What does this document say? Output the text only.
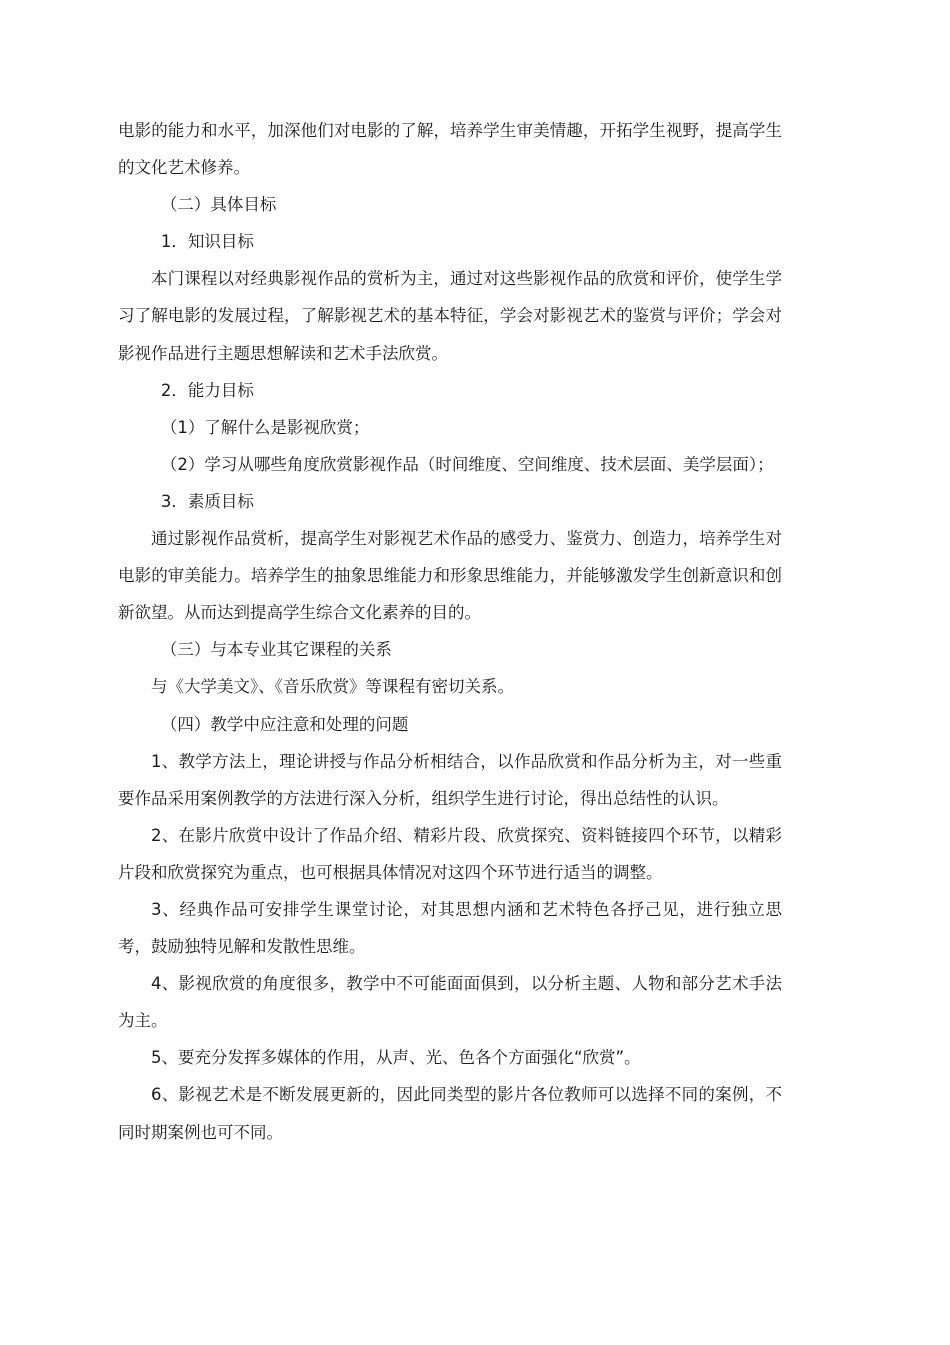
电影的能力和水平，加深他们对电影的了解，培养学生审美情趣，开拓学生视野，提高学生的文化艺术修养。

（二）具体目标

1．知识目标

本门课程以对经典影视作品的赏析为主，通过对这些影视作品的欣赏和评价，使学生学习了解电影的发展过程，了解影视艺术的基本特征，学会对影视艺术的鉴赏与评价；学会对影视作品进行主题思想解读和艺术手法欣赏。

2．能力目标

（1）了解什么是影视欣赏；

（2）学习从哪些角度欣赏影视作品（时间维度、空间维度、技术层面、美学层面）；

3．素质目标

通过影视作品赏析，提高学生对影视艺术作品的感受力、鉴赏力、创造力，培养学生对电影的审美能力。培养学生的抽象思维能力和形象思维能力，并能够激发学生创新意识和创新欲望。从而达到提高学生综合文化素养的目的。

（三）与本专业其它课程的关系

与《大学美文》、《音乐欣赏》等课程有密切关系。

（四）教学中应注意和处理的问题

1、教学方法上，理论讲授与作品分析相结合，以作品欣赏和作品分析为主，对一些重要作品采用案例教学的方法进行深入分析，组织学生进行讨论，得出总结性的认识。

2、在影片欣赏中设计了作品介绍、精彩片段、欣赏探究、资料链接四个环节，以精彩片段和欣赏探究为重点，也可根据具体情况对这四个环节进行适当的调整。

3、经典作品可安排学生课堂讨论，对其思想内涵和艺术特色各抒己见，进行独立思考，鼓励独特见解和发散性思维。

4、影视欣赏的角度很多，教学中不可能面面俱到，以分析主题、人物和部分艺术手法为主。

5、要充分发挥多媒体的作用，从声、光、色各个方面强化“欣赏”。

6、影视艺术是不断发展更新的，因此同类型的影片各位教师可以选择不同的案例，不同时期案例也可不同。
